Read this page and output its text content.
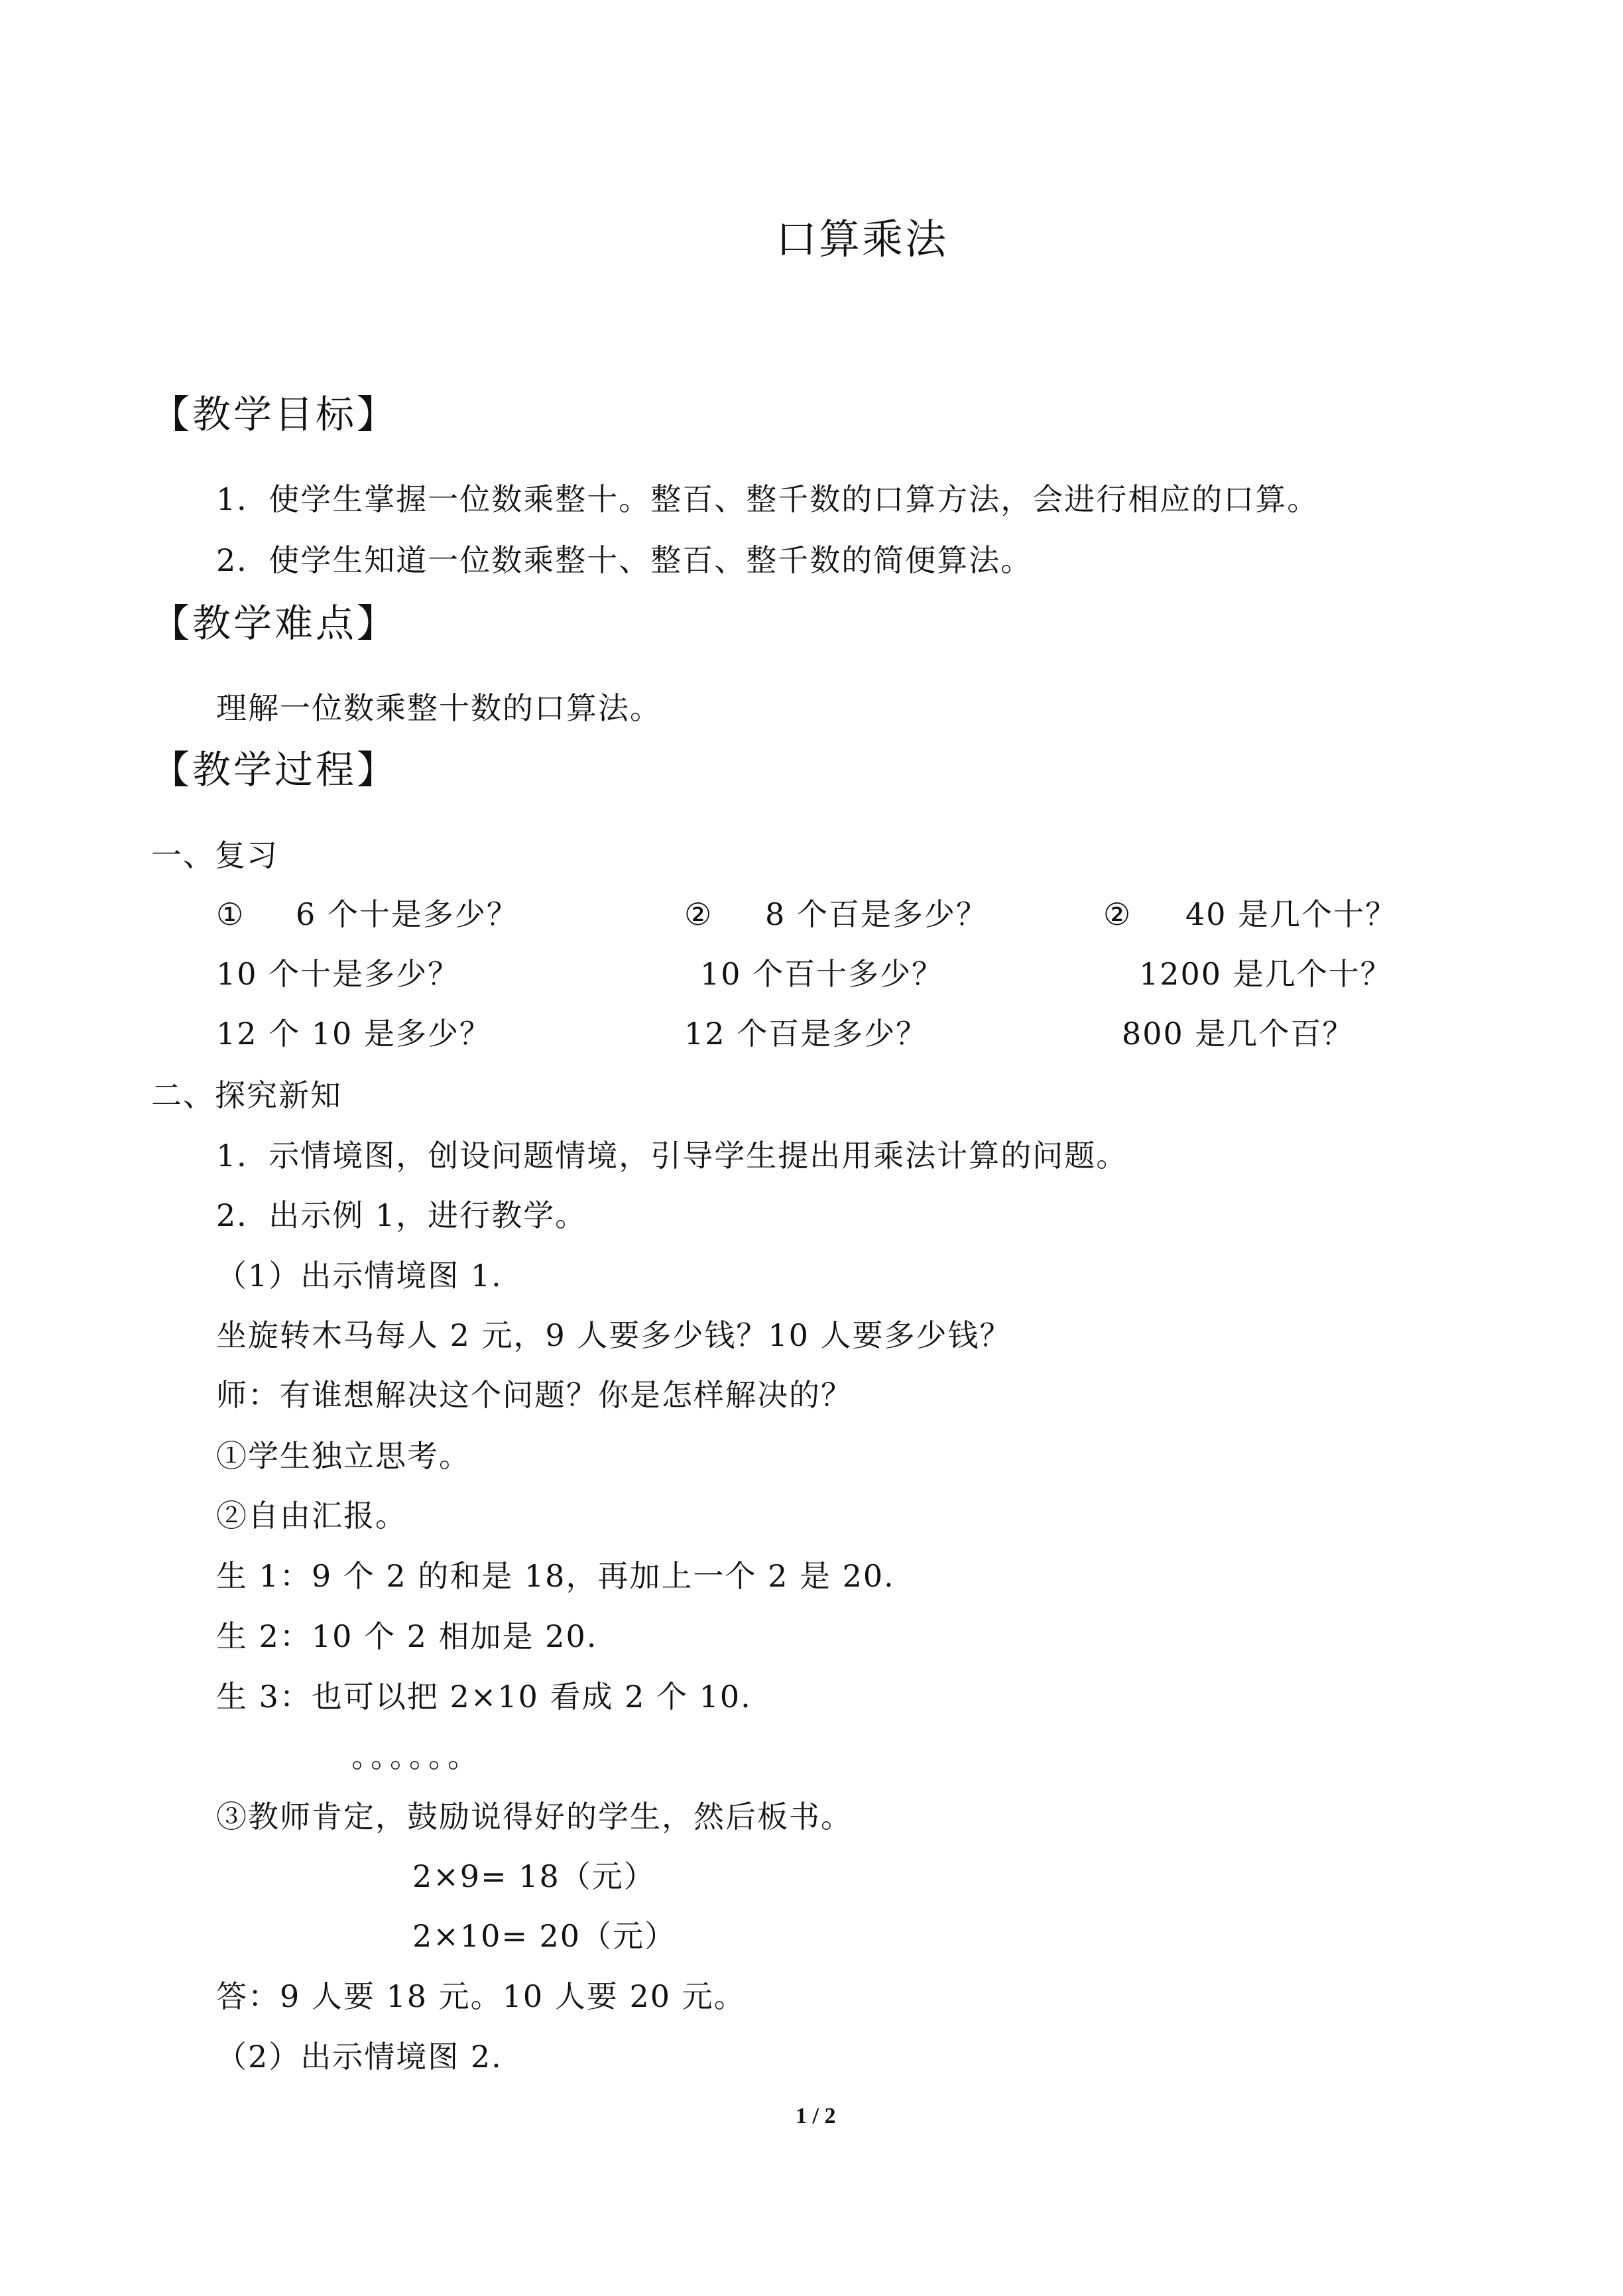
口算乘法
【教学目标】
1．使学生掌握一位数乘整十。整百、整千数的口算方法，会进行相应的口算。
2．使学生知道一位数乘整十、整百、整千数的简便算法。
【教学难点】
理解一位数乘整十数的口算法。
【教学过程】
一、复习
① 6 个十是多少？
10 个十是多少？
12 个 10 是多少？
② 8 个百是多少？
10 个百十多少？
12 个百是多少？
② 40 是几个十？
1200 是几个十？
800 是几个百？
二、探究新知
1．示情境图，创设问题情境，引导学生提出用乘法计算的问题。
2．出示例 1，进行教学。
（1）出示情境图 1.
坐旋转木马每人 2 元，9 人要多少钱？10 人要多少钱？
师：有谁想解决这个问题？你是怎样解决的？
①学生独立思考。
②自由汇报。
生 1：9 个 2 的和是 18，再加上一个 2 是 20.
生 2：10 个 2 相加是 20.
生 3：也可以把 2×10 看成 2 个 10.
。。。。。。
③教师肯定，鼓励说得好的学生，然后板书。
2×9= 18（元）
2×10= 20（元）
答：9 人要 18 元。10 人要 20 元。
（2）出示情境图 2.
1 / 2
